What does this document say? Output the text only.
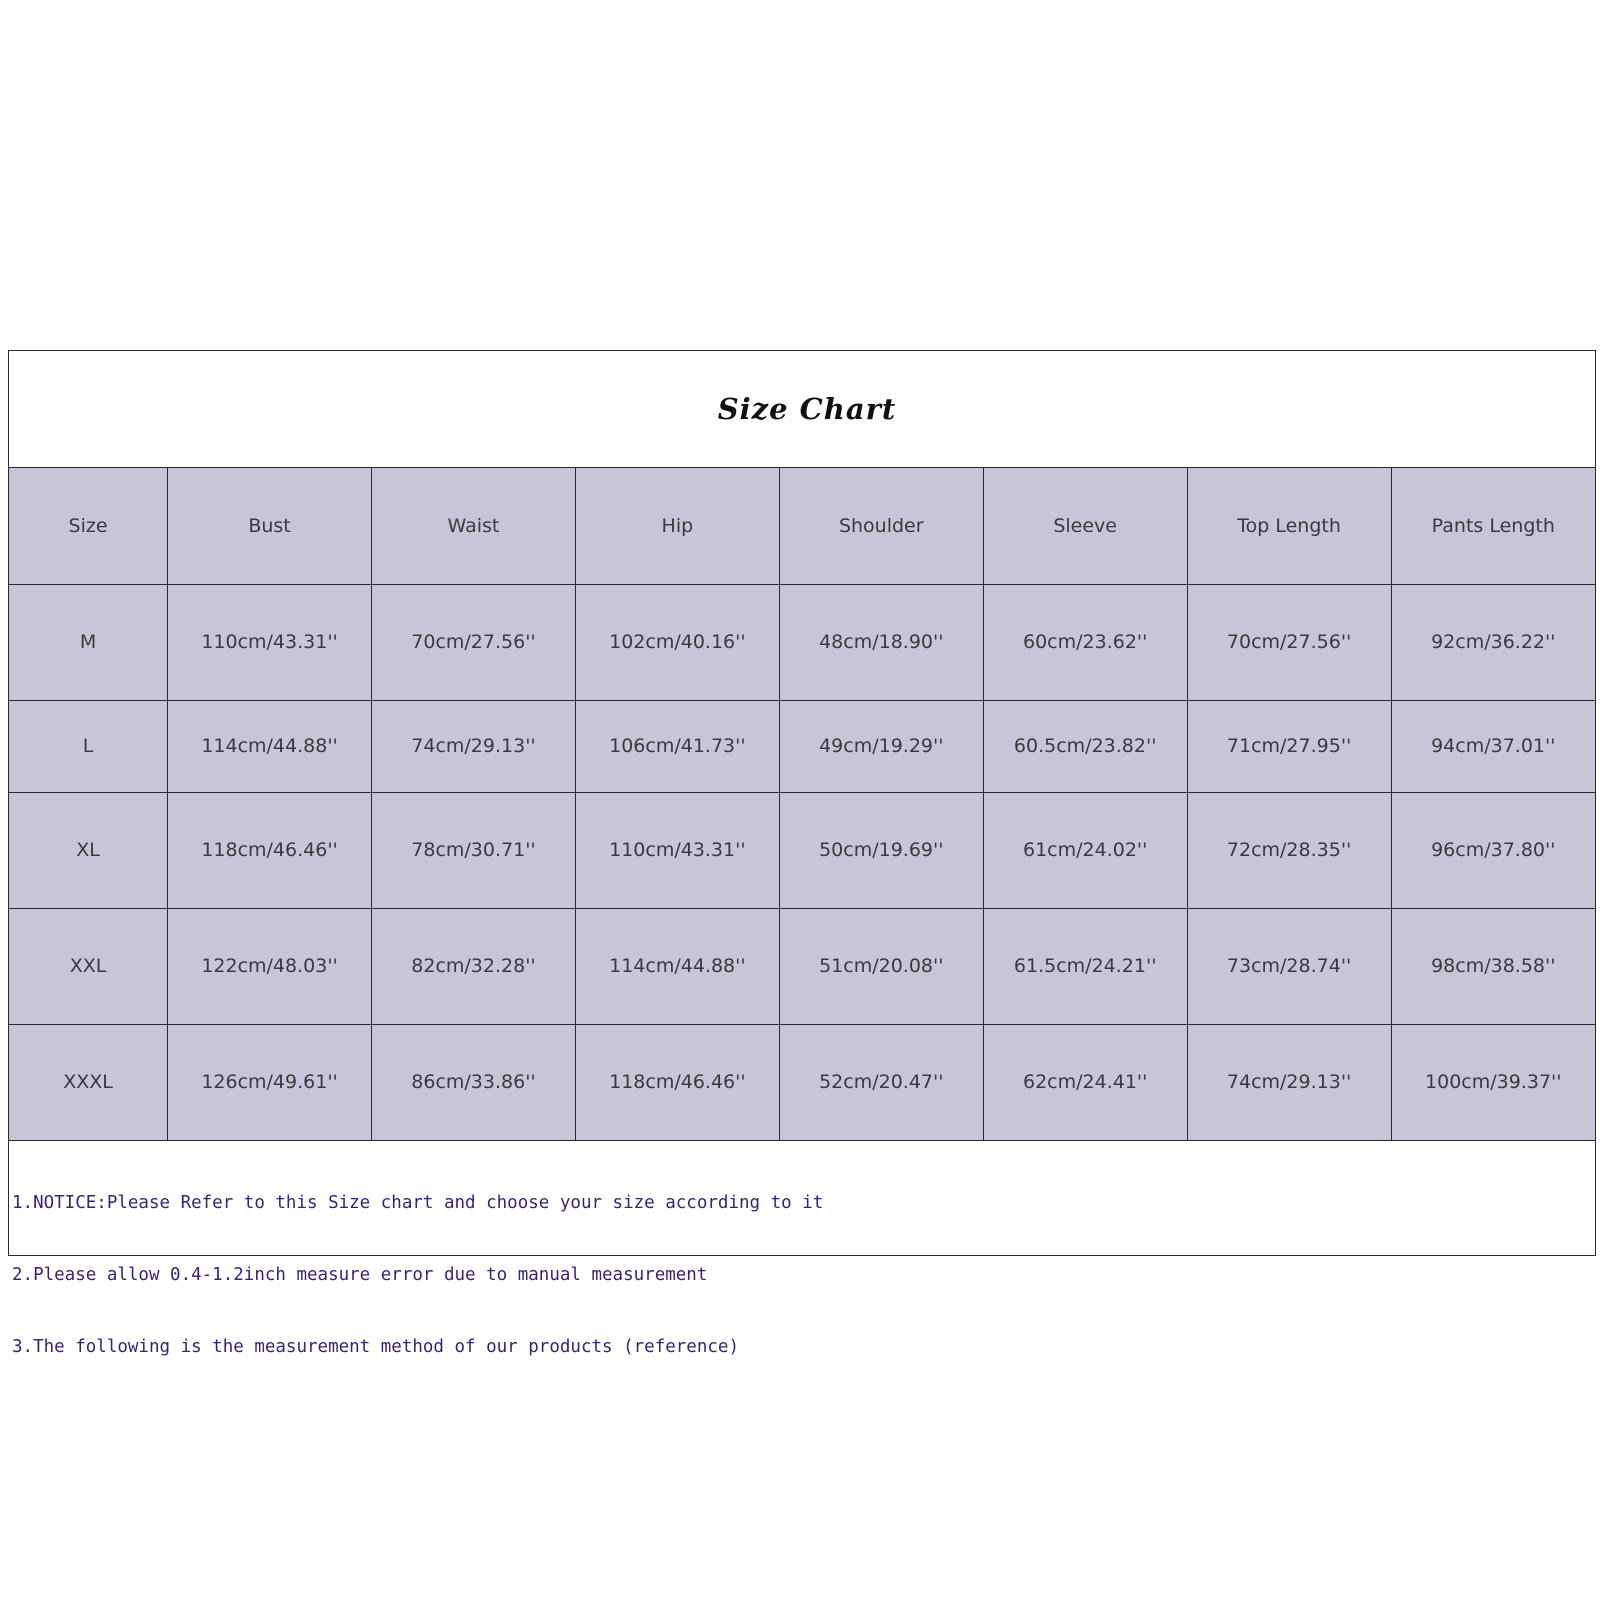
Size Chart
Size	Bust	Waist	Hip	Shoulder	Sleeve	Top Length	Pants Length
M	110cm/43.31''	70cm/27.56''	102cm/40.16''	48cm/18.90''	60cm/23.62''	70cm/27.56''	92cm/36.22''
L	114cm/44.88''	74cm/29.13''	106cm/41.73''	49cm/19.29''	60.5cm/23.82''	71cm/27.95''	94cm/37.01''
XL	118cm/46.46''	78cm/30.71''	110cm/43.31''	50cm/19.69''	61cm/24.02''	72cm/28.35''	96cm/37.80''
XXL	122cm/48.03''	82cm/32.28''	114cm/44.88''	51cm/20.08''	61.5cm/24.21''	73cm/28.74''	98cm/38.58''
XXXL	126cm/49.61''	86cm/33.86''	118cm/46.46''	52cm/20.47''	62cm/24.41''	74cm/29.13''	100cm/39.37''

1.NOTICE:Please Refer to this Size chart and choose your size according to it

2.Please allow 0.4-1.2inch measure error due to manual measurement

3.The following is the measurement method of our products (reference)
